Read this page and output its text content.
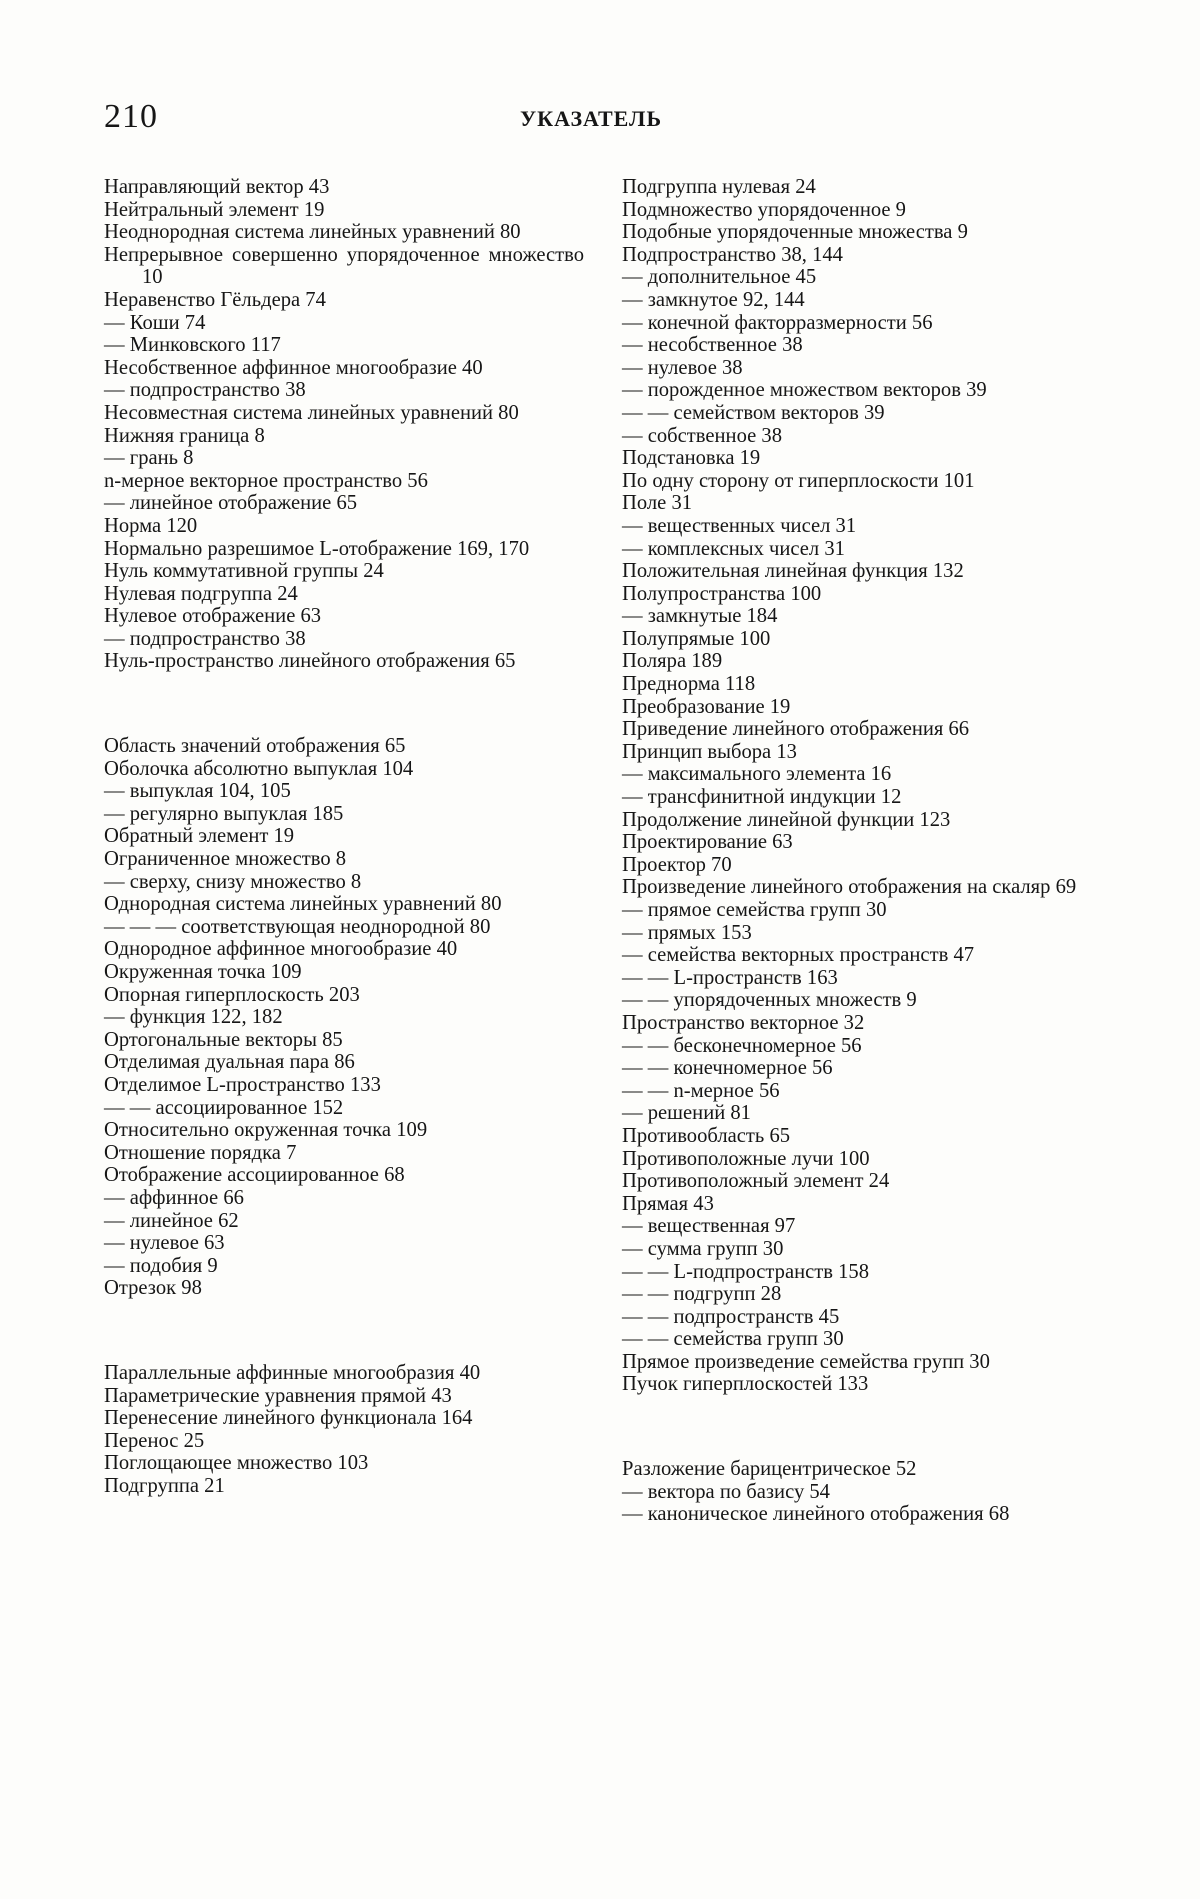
210	УКАЗАТЕЛЬ
Направляющий вектор 43
Нейтральный элемент 19
Неоднородная система линейных уравнений 80
Непрерывное совершенно упорядоченное множество 10
Неравенство Гёльдера 74
— Коши 74
— Минковского 117
Несобственное аффинное многообразие 40
— подпространство 38
Несовместная система линейных уравнений 80
Нижняя граница 8
— грань 8
n-мерное векторное пространство 56
— линейное отображение 65
Норма 120
Нормально разрешимое L-отображение 169, 170
Нуль коммутативной группы 24
Нулевая подгруппа 24
Нулевое отображение 63
— подпространство 38
Нуль-пространство линейного отображения 65
Область значений отображения 65
Оболочка абсолютно выпуклая 104
— выпуклая 104, 105
— регулярно выпуклая 185
Обратный элемент 19
Ограниченное множество 8
— сверху, снизу множество 8
Однородная система линейных уравнений 80
— — — соответствующая неоднородной 80
Однородное аффинное многообразие 40
Окруженная точка 109
Опорная гиперплоскость 203
— функция 122, 182
Ортогональные векторы 85
Отделимая дуальная пара 86
Отделимое L-пространство 133
— — ассоциированное 152
Относительно окруженная точка 109
Отношение порядка 7
Отображение ассоциированное 68
— аффинное 66
— линейное 62
— нулевое 63
— подобия 9
Отрезок 98
Параллельные аффинные многообразия 40
Параметрические уравнения прямой 43
Перенесение линейного функционала 164
Перенос 25
Поглощающее множество 103
Подгруппа 21
Подгруппа нулевая 24
Подмножество упорядоченное 9
Подобные упорядоченные множества 9
Подпространство 38, 144
— дополнительное 45
— замкнутое 92, 144
— конечной факторразмерности 56
— несобственное 38
— нулевое 38
— порожденное множеством векторов 39
— — семейством векторов 39
— собственное 38
Подстановка 19
По одну сторону от гиперплоскости 101
Поле 31
— вещественных чисел 31
— комплексных чисел 31
Положительная линейная функция 132
Полупространства 100
— замкнутые 184
Полупрямые 100
Поляра 189
Преднорма 118
Преобразование 19
Приведение линейного отображения 66
Принцип выбора 13
— максимального элемента 16
— трансфинитной индукции 12
Продолжение линейной функции 123
Проектирование 63
Проектор 70
Произведение линейного отображения на скаляр 69
— прямое семейства групп 30
— прямых 153
— семейства векторных пространств 47
— — L-пространств 163
— — упорядоченных множеств 9
Пространство векторное 32
— — бесконечномерное 56
— — конечномерное 56
— — n-мерное 56
— решений 81
Противообласть 65
Противоположные лучи 100
Противоположный элемент 24
Прямая 43
— вещественная 97
— сумма групп 30
— — L-подпространств 158
— — подгрупп 28
— — подпространств 45
— — семейства групп 30
Прямое произведение семейства групп 30
Пучок гиперплоскостей 133
Разложение барицентрическое 52
— вектора по базису 54
— каноническое линейного отображения 68
